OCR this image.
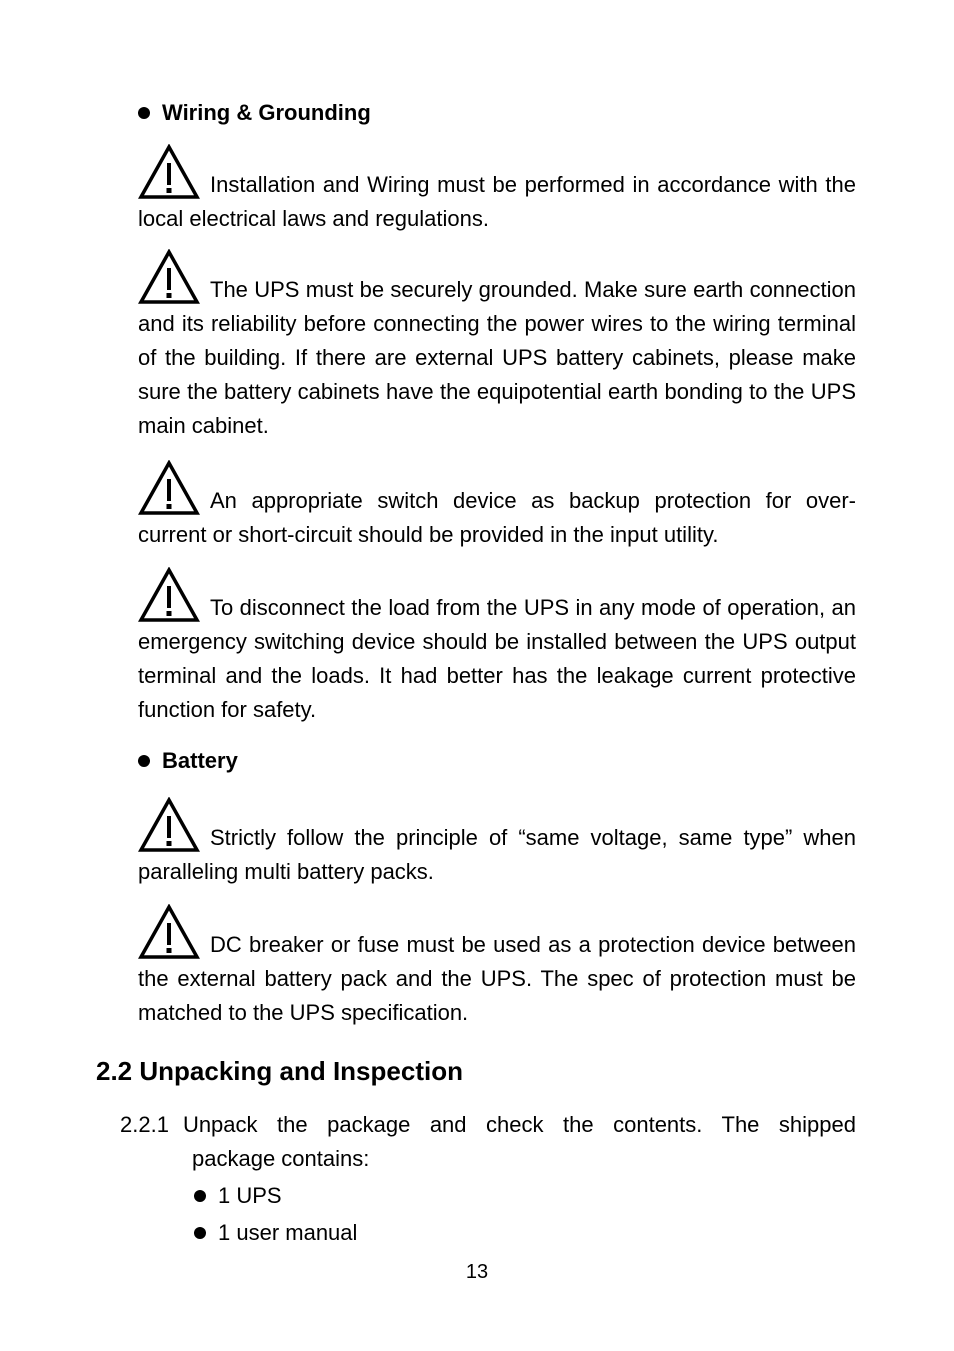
Wiring & Grounding
Installation and Wiring must be performed in accordance with the local electrical laws and regulations.
The UPS must be securely grounded. Make sure earth connection and its reliability before connecting the power wires to the wiring terminal of the building. If there are external UPS battery cabinets, please make sure the battery cabinets have the equipotential earth bonding to the UPS main cabinet.
An appropriate switch device as backup protection for over-current or short-circuit should be provided in the input utility.
To disconnect the load from the UPS in any mode of operation, an emergency switching device should be installed between the UPS output terminal and the loads. It had better has the leakage current protective function for safety.
Battery
Strictly follow the principle of “same voltage, same type” when paralleling multi battery packs.
DC breaker or fuse must be used as a protection device between the external battery pack and the UPS. The spec of protection must be matched to the UPS specification.
2.2 Unpacking and Inspection
2.2.1 Unpack the package and check the contents. The shipped
package contains:
1 UPS
1 user manual
13
